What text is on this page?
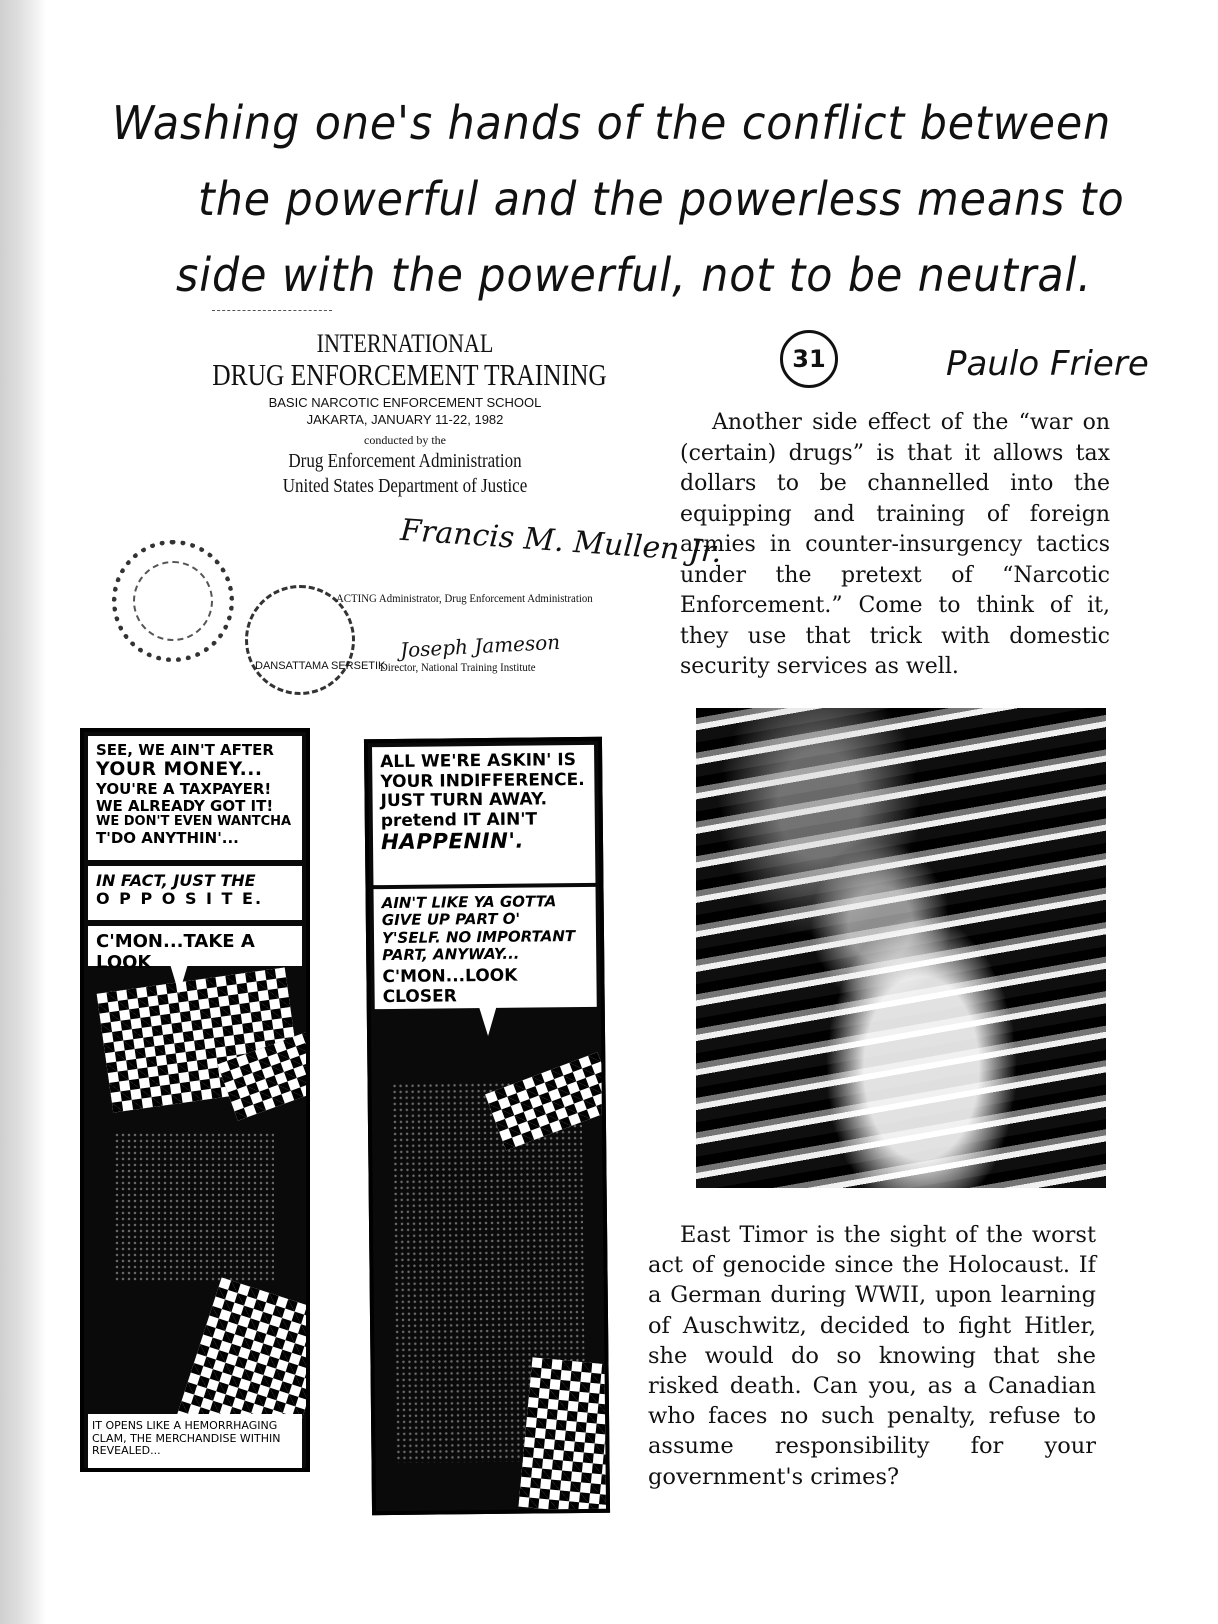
Washing one's hands of the conflict between
the powerful and the powerless means to
side with the powerful, not to be neutral.
31	Paulo Friere
INTERNATIONAL
DRUG ENFORCEMENT TRAINING
BASIC NARCOTIC ENFORCEMENT SCHOOL
JAKARTA, JANUARY 11-22, 1982
conducted by the
Drug Enforcement Administration
United States Department of Justice
Francis M. Mullen Jr.
ACTING Administrator, Drug Enforcement Administration
DANSATTAMA SERSETIK
Joseph Jameson
Director, National Training Institute
Another side effect of the “war on (certain) drugs” is that it allows tax dollars to be channelled into the equipping and training of foreign armies in counter-insurgency tactics under the pretext of “Narcotic Enforcement.” Come to think of it, they use that trick with domestic security services as well.
East Timor is the sight of the worst act of genocide since the Holocaust. If a German during WWII, upon learning of Auschwitz, decided to fight Hitler, she would do so knowing that she risked death. Can you, as a Canadian who faces no such penalty, refuse to assume responsibility for your government's crimes?
SEE, WE AIN'T AFTER
YOUR MONEY...
YOU'RE A TAXPAYER!
WE ALREADY GOT IT!
WE DON'T EVEN WANTCHA
T'DO ANYTHIN'...
IN FACT, JUST THE
O P P O S I T E.
C'MON...TAKE A LOOK
IT OPENS LIKE A HEMORRHAGING CLAM, THE MERCHANDISE WITHIN REVEALED...
ALL WE'RE ASKIN' IS
YOUR INDIFFERENCE.
JUST TURN AWAY.
pretend IT AIN'T
HAPPENIN'.
AIN'T LIKE YA GOTTA
GIVE UP PART O'
Y'SELF. NO IMPORTANT
PART, ANYWAY...
C'MON...LOOK CLOSER
